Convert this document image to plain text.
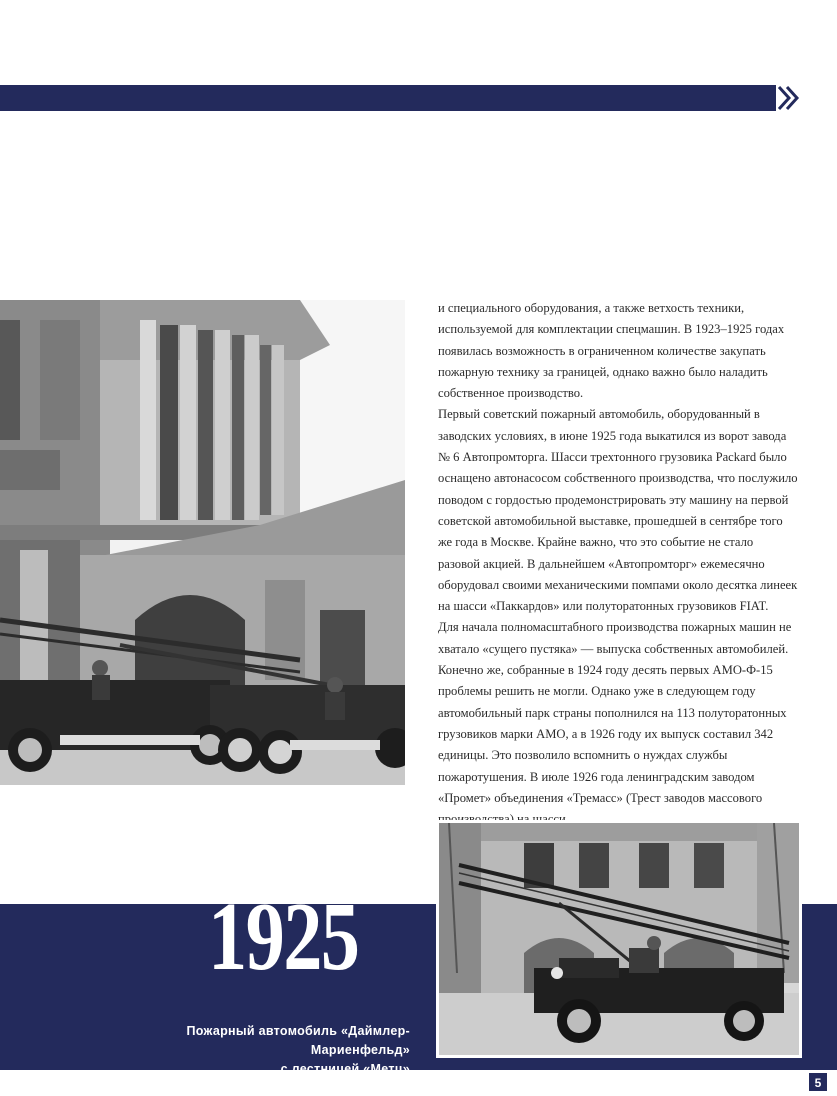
и специального оборудования, а также ветхость техники, используемой для комплектации спецмашин. В 1923–1925 годах появилась возможность в ограниченном количестве закупать пожарную технику за границей, однако важно было наладить собственное производство.

Первый советский пожарный автомобиль, оборудованный в заводских условиях, в июне 1925 года выкатился из ворот завода № 6 Автопромторга. Шасси трехтонного грузовика Packard было оснащено автонасосом собственного производства, что послужило поводом с гордостью продемонстрировать эту машину на первой советской автомобильной выставке, прошедшей в сентябре того же года в Москве. Крайне важно, что это событие не стало разовой акцией. В дальнейшем «Автопромторг» ежемесячно оборудовал своими механическими помпами около десятка линеек на шасси «Паккардов» или полуторатонных грузовиков FIAT.

Для начала полномасштабного производства пожарных машин не хватало «сущего пустяка» — выпуска собственных автомобилей. Конечно же, собранные в 1924 году десять первых АМО-Ф-15 проблемы решить не могли. Однако уже в следующем году автомобильный парк страны пополнился на 113 полуторатонных грузовиков марки АМО, а в 1926 году их выпуск составил 342 единицы. Это позволило вспомнить о нуждах службы пожаротушения. В июле 1926 года ленинградским заводом «Промет» объединения «Тремасс» (Трест заводов массового

1925
Пожарный автомобиль «Даймлер-Мариенфельд»
с лестницей «Метц»
5
